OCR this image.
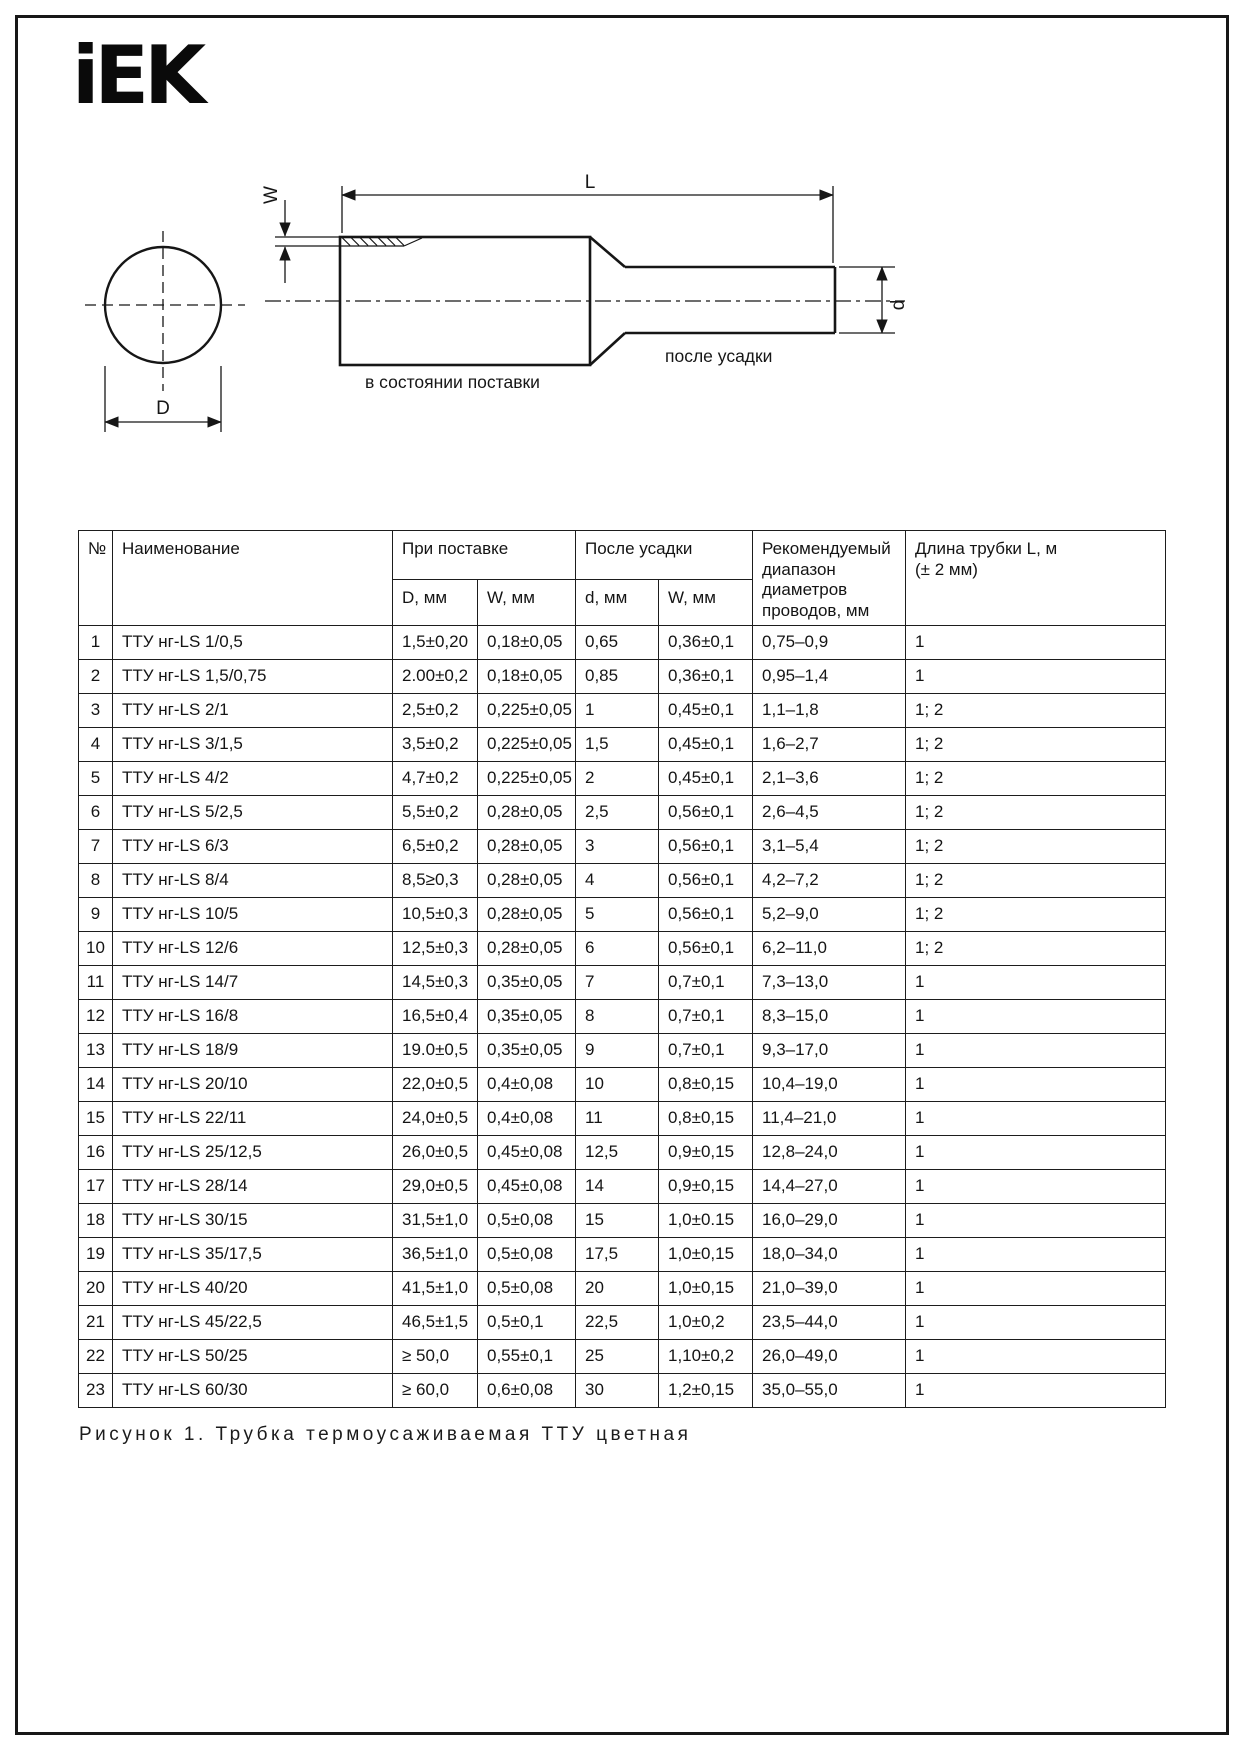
iEK
D
W
L
d
после усадки
в состоянии поставки
№	Наименование	При поставке		После усадки		Рекомендуемый диапазон диаметров проводов, мм	Длина трубки L, м
(± 2 мм)

		D, мм	W, мм	d, мм	W, мм		
1	ТТУ нг-LS 1/0,5	1,5±0,20	0,18±0,05	0,65	0,36±0,1	0,75–0,9	1
2	ТТУ нг-LS 1,5/0,75	2.00±0,2	0,18±0,05	0,85	0,36±0,1	0,95–1,4	1
3	ТТУ нг-LS 2/1	2,5±0,2	0,225±0,05	1	0,45±0,1	1,1–1,8	1; 2
4	ТТУ нг-LS 3/1,5	3,5±0,2	0,225±0,05	1,5	0,45±0,1	1,6–2,7	1; 2
5	ТТУ нг-LS 4/2	4,7±0,2	0,225±0,05	2	0,45±0,1	2,1–3,6	1; 2
6	ТТУ нг-LS 5/2,5	5,5±0,2	0,28±0,05	2,5	0,56±0,1	2,6–4,5	1; 2
7	ТТУ нг-LS 6/3	6,5±0,2	0,28±0,05	3	0,56±0,1	3,1–5,4	1; 2
8	ТТУ нг-LS 8/4	8,5≥0,3	0,28±0,05	4	0,56±0,1	4,2–7,2	1; 2
9	ТТУ нг-LS 10/5	10,5±0,3	0,28±0,05	5	0,56±0,1	5,2–9,0	1; 2
10	ТТУ нг-LS 12/6	12,5±0,3	0,28±0,05	6	0,56±0,1	6,2–11,0	1; 2
11	ТТУ нг-LS 14/7	14,5±0,3	0,35±0,05	7	0,7±0,1	7,3–13,0	1
12	ТТУ нг-LS 16/8	16,5±0,4	0,35±0,05	8	0,7±0,1	8,3–15,0	1
13	ТТУ нг-LS 18/9	19.0±0,5	0,35±0,05	9	0,7±0,1	9,3–17,0	1
14	ТТУ нг-LS 20/10	22,0±0,5	0,4±0,08	10	0,8±0,15	10,4–19,0	1
15	ТТУ нг-LS 22/11	24,0±0,5	0,4±0,08	11	0,8±0,15	11,4–21,0	1
16	ТТУ нг-LS 25/12,5	26,0±0,5	0,45±0,08	12,5	0,9±0,15	12,8–24,0	1
17	ТТУ нг-LS 28/14	29,0±0,5	0,45±0,08	14	0,9±0,15	14,4–27,0	1
18	ТТУ нг-LS 30/15	31,5±1,0	0,5±0,08	15	1,0±0.15	16,0–29,0	1
19	ТТУ нг-LS 35/17,5	36,5±1,0	0,5±0,08	17,5	1,0±0,15	18,0–34,0	1
20	ТТУ нг-LS 40/20	41,5±1,0	0,5±0,08	20	1,0±0,15	21,0–39,0	1
21	ТТУ нг-LS 45/22,5	46,5±1,5	0,5±0,1	22,5	1,0±0,2	23,5–44,0	1
22	ТТУ нг-LS 50/25	≥ 50,0	0,55±0,1	25	1,10±0,2	26,0–49,0	1
23	ТТУ нг-LS 60/30	≥ 60,0	0,6±0,08	30	1,2±0,15	35,0–55,0	1
Рисунок 1. Трубка термоусаживаемая ТТУ цветная
